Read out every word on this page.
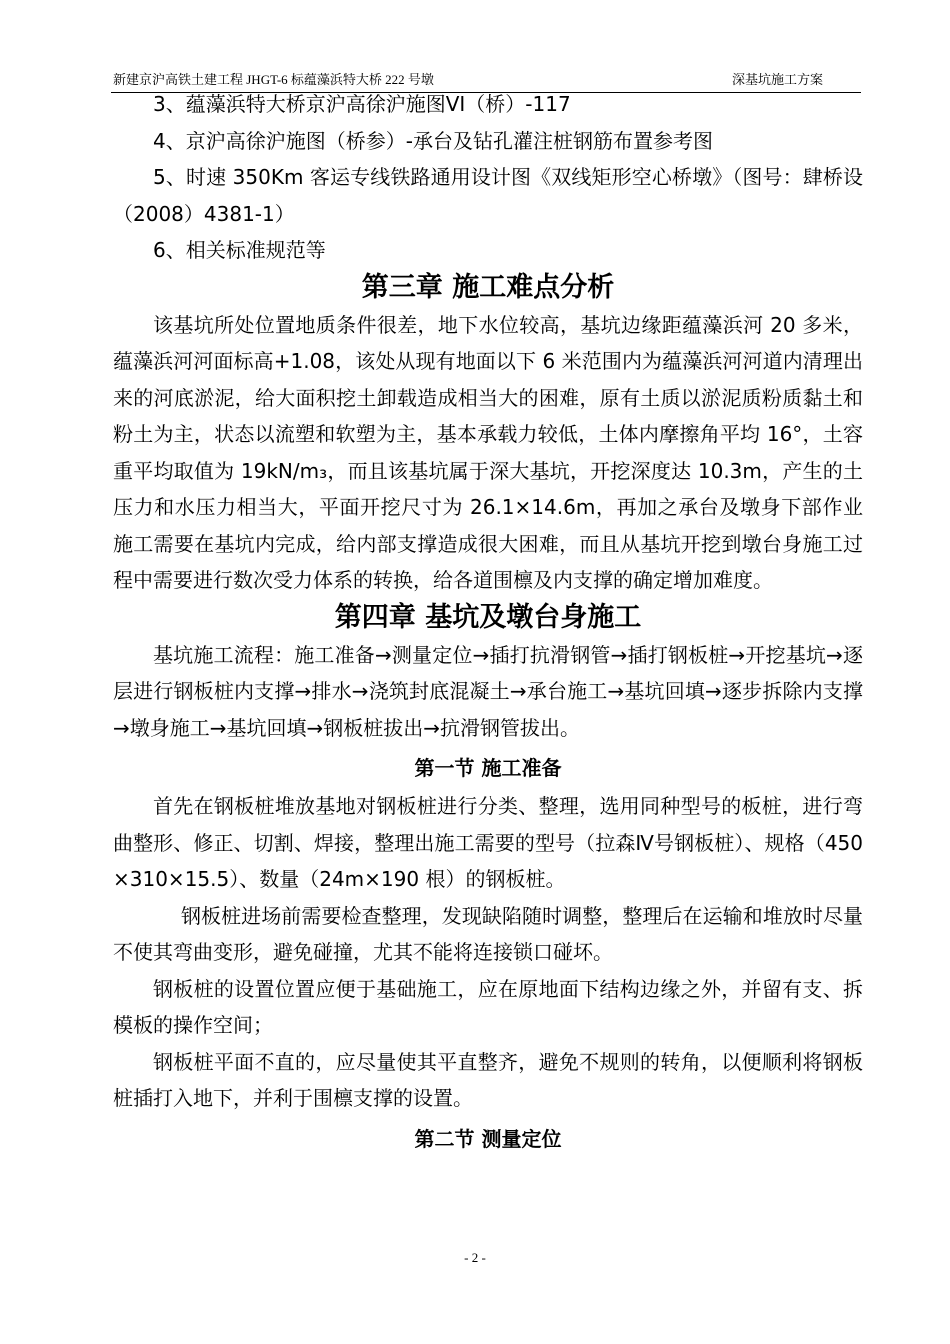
新建京沪高铁土建工程 JHGT-6 标蕴藻浜特大桥 222 号墩	深基坑施工方案

3、蕴藻浜特大桥京沪高徐沪施图VI（桥）-117

4、京沪高徐沪施图（桥参）-承台及钻孔灌注桩钢筋布置参考图

5、时速 350Km 客运专线铁路通用设计图《双线矩形空心桥墩》（图号：肆桥设（2008）4381-1）

6、相关标准规范等

第三章 施工难点分析

该基坑所处位置地质条件很差，地下水位较高，基坑边缘距蕴藻浜河 20 多米，蕴藻浜河河面标高+1.08，该处从现有地面以下 6 米范围内为蕴藻浜河河道内清理出来的河底淤泥，给大面积挖土卸载造成相当大的困难，原有土质以淤泥质粉质黏土和粉土为主，状态以流塑和软塑为主，基本承载力较低，土体内摩擦角平均 16°，土容重平均取值为 19kN/m₃，而且该基坑属于深大基坑，开挖深度达 10.3m，产生的土压力和水压力相当大，平面开挖尺寸为 26.1×14.6m，再加之承台及墩身下部作业施工需要在基坑内完成，给内部支撑造成很大困难，而且从基坑开挖到墩台身施工过程中需要进行数次受力体系的转换，给各道围檩及内支撑的确定增加难度。

第四章 基坑及墩台身施工

基坑施工流程：施工准备→测量定位→插打抗滑钢管→插打钢板桩→开挖基坑→逐层进行钢板桩内支撑→排水→浇筑封底混凝土→承台施工→基坑回填→逐步拆除内支撑→墩身施工→基坑回填→钢板桩拔出→抗滑钢管拔出。

第一节 施工准备

首先在钢板桩堆放基地对钢板桩进行分类、整理，选用同种型号的板桩，进行弯曲整形、修正、切割、焊接，整理出施工需要的型号（拉森Ⅳ号钢板桩）、规格（450×310×15.5）、数量（24m×190 根）的钢板桩。

钢板桩进场前需要检查整理，发现缺陷随时调整，整理后在运输和堆放时尽量不使其弯曲变形，避免碰撞，尤其不能将连接锁口碰坏。

钢板桩的设置位置应便于基础施工，应在原地面下结构边缘之外，并留有支、拆模板的操作空间；

钢板桩平面不直的，应尽量使其平直整齐，避免不规则的转角，以便顺利将钢板桩插打入地下，并利于围檩支撑的设置。

第二节 测量定位
- 2 -
